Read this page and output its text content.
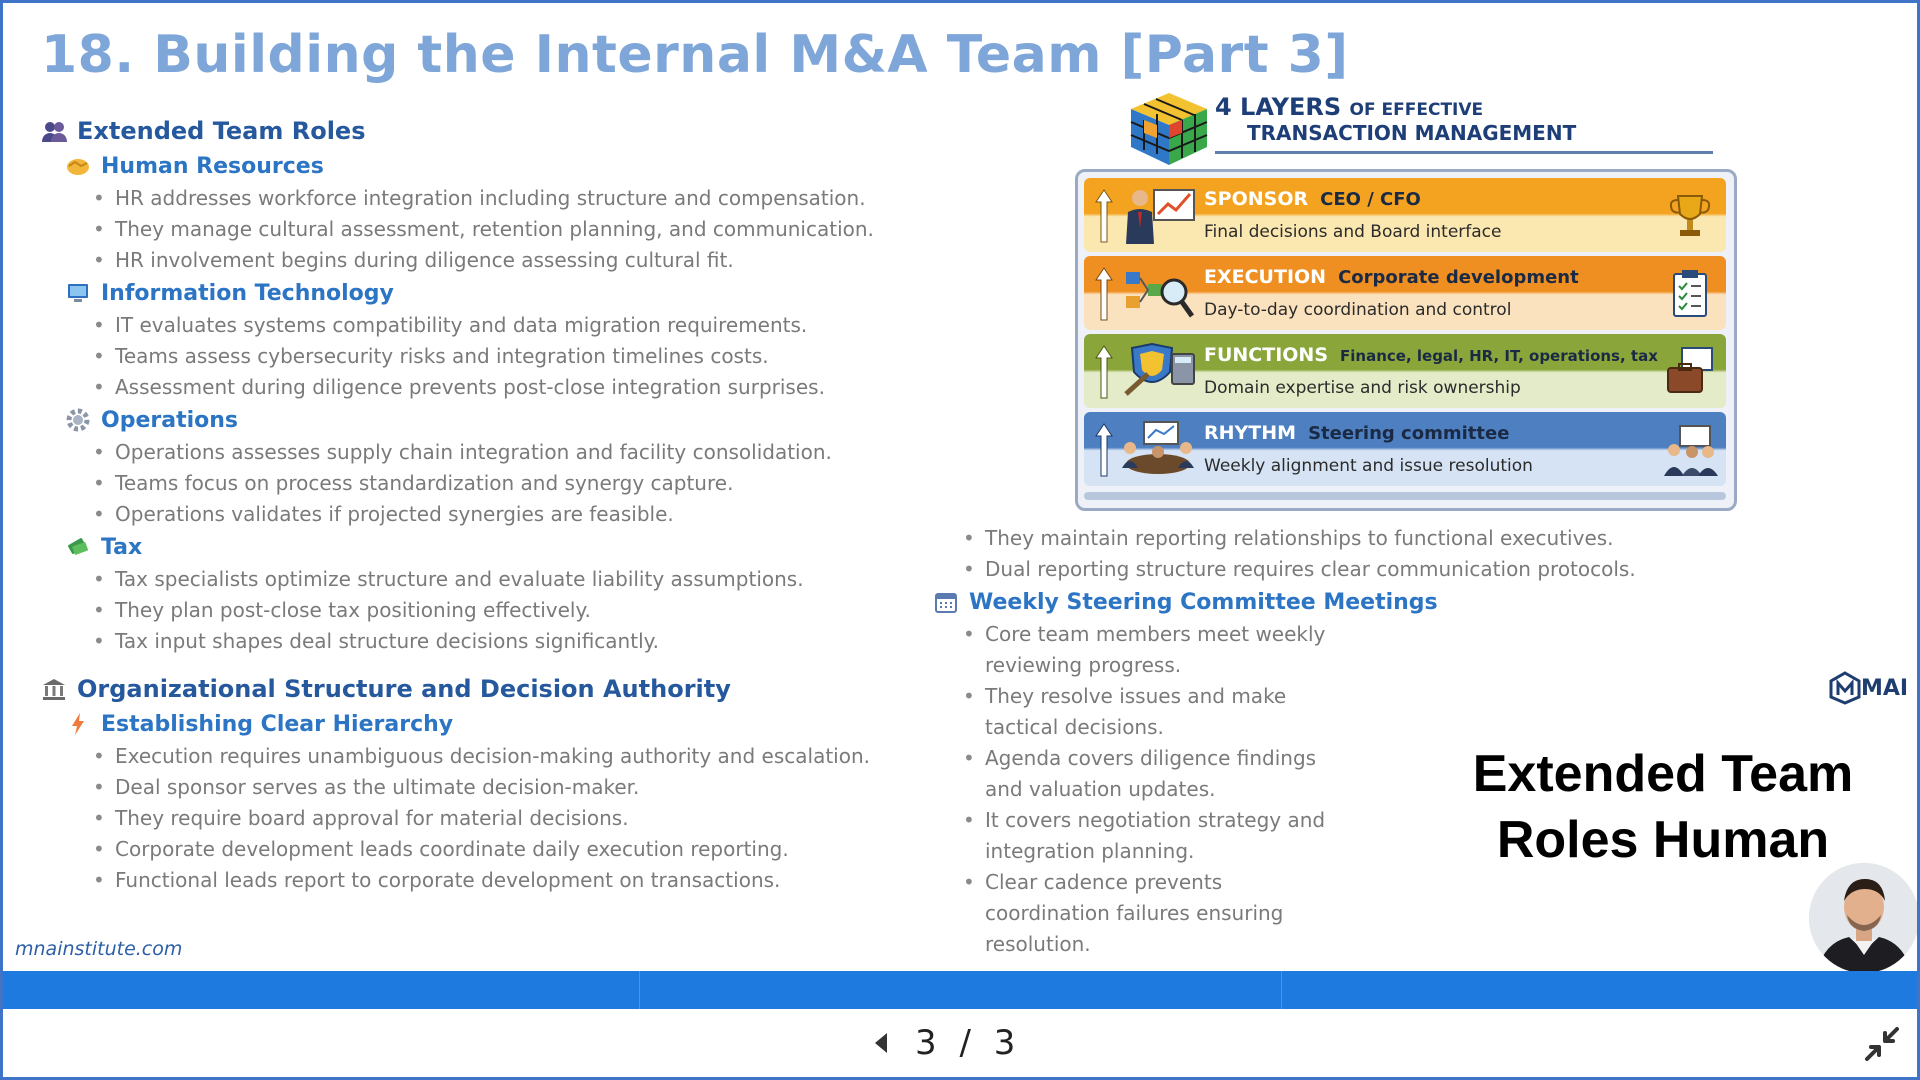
18. Building the Internal M&A Team [Part 3]
Extended Team Roles
Human Resources
• HR addresses workforce integration including structure and compensation.
• They manage cultural assessment, retention planning, and communication.
• HR involvement begins during diligence assessing cultural fit.
Information Technology
• IT evaluates systems compatibility and data migration requirements.
• Teams assess cybersecurity risks and integration timelines costs.
• Assessment during diligence prevents post-close integration surprises.
Operations
• Operations assesses supply chain integration and facility consolidation.
• Teams focus on process standardization and synergy capture.
• Operations validates if projected synergies are feasible.
Tax
• Tax specialists optimize structure and evaluate liability assumptions.
• They plan post-close tax positioning effectively.
• Tax input shapes deal structure decisions significantly.
Organizational Structure and Decision Authority
Establishing Clear Hierarchy
• Execution requires unambiguous decision-making authority and escalation.
• Deal sponsor serves as the ultimate decision-maker.
• They require board approval for material decisions.
• Corporate development leads coordinate daily execution reporting.
• Functional leads report to corporate development on transactions.
4 LAYERS OF EFFECTIVE
TRANSACTION MANAGEMENT
SPONSOR CEO / CFO
Final decisions and Board interface
EXECUTION Corporate development
Day-to-day coordination and control
FUNCTIONS Finance, legal, HR, IT, operations, tax
Domain expertise and risk ownership
RHYTHM Steering committee
Weekly alignment and issue resolution
• They maintain reporting relationships to functional executives.
• Dual reporting structure requires clear communication protocols.
Weekly Steering Committee Meetings
• Core team members meet weekly reviewing progress.
• They resolve issues and make tactical decisions.
• Agenda covers diligence findings and valuation updates.
• It covers negotiation strategy and integration planning.
• Clear cadence prevents coordination failures ensuring resolution.
MAI
Extended Team Roles Human
mnainstitute.com
3 / 3
